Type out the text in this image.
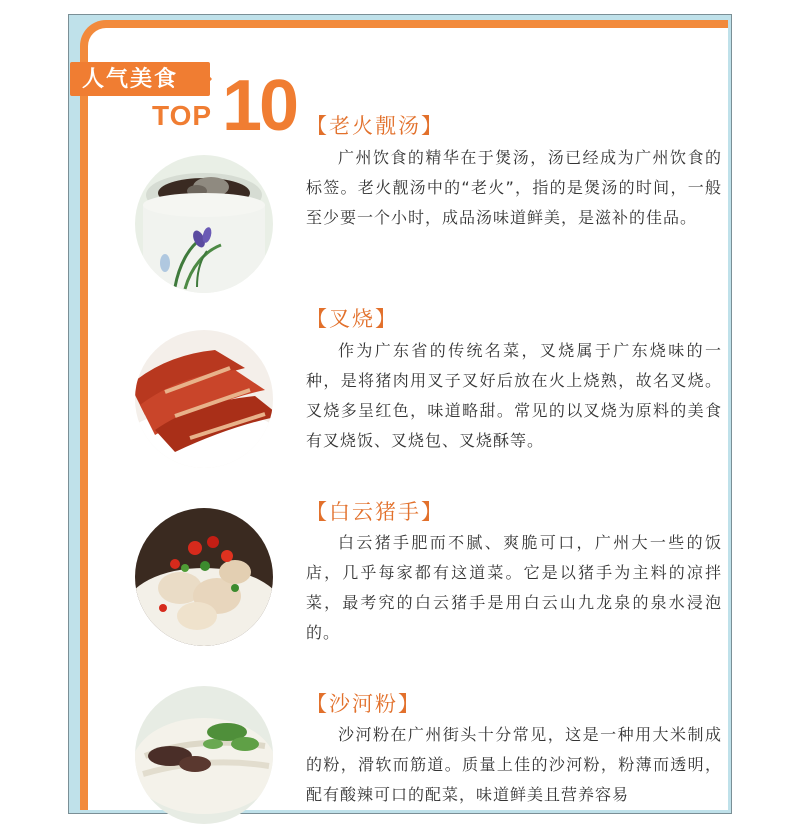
人气美食
TOP 10 【老火靓汤】
广州饮食的精华在于煲汤，汤已经成为广州饮食的标签。老火靓汤中的“老火”，指的是煲汤的时间，一般至少要一个小时，成品汤味道鲜美，是滋补的佳品。
【叉烧】
作为广东省的传统名菜，叉烧属于广东烧味的一种，是将猪肉用叉子叉好后放在火上烧熟，故名叉烧。叉烧多呈红色，味道略甜。常见的以叉烧为原料的美食有叉烧饭、叉烧包、叉烧酥等。
【白云猪手】
白云猪手肥而不腻、爽脆可口，广州大一些的饭店，几乎每家都有这道菜。它是以猪手为主料的凉拌菜，最考究的白云猪手是用白云山九龙泉的泉水浸泡的。
【沙河粉】
沙河粉在广州街头十分常见，这是一种用大米制成的粉，滑软而筋道。质量上佳的沙河粉，粉薄而透明，配有酸辣可口的配菜，味道鲜美且营养容易
